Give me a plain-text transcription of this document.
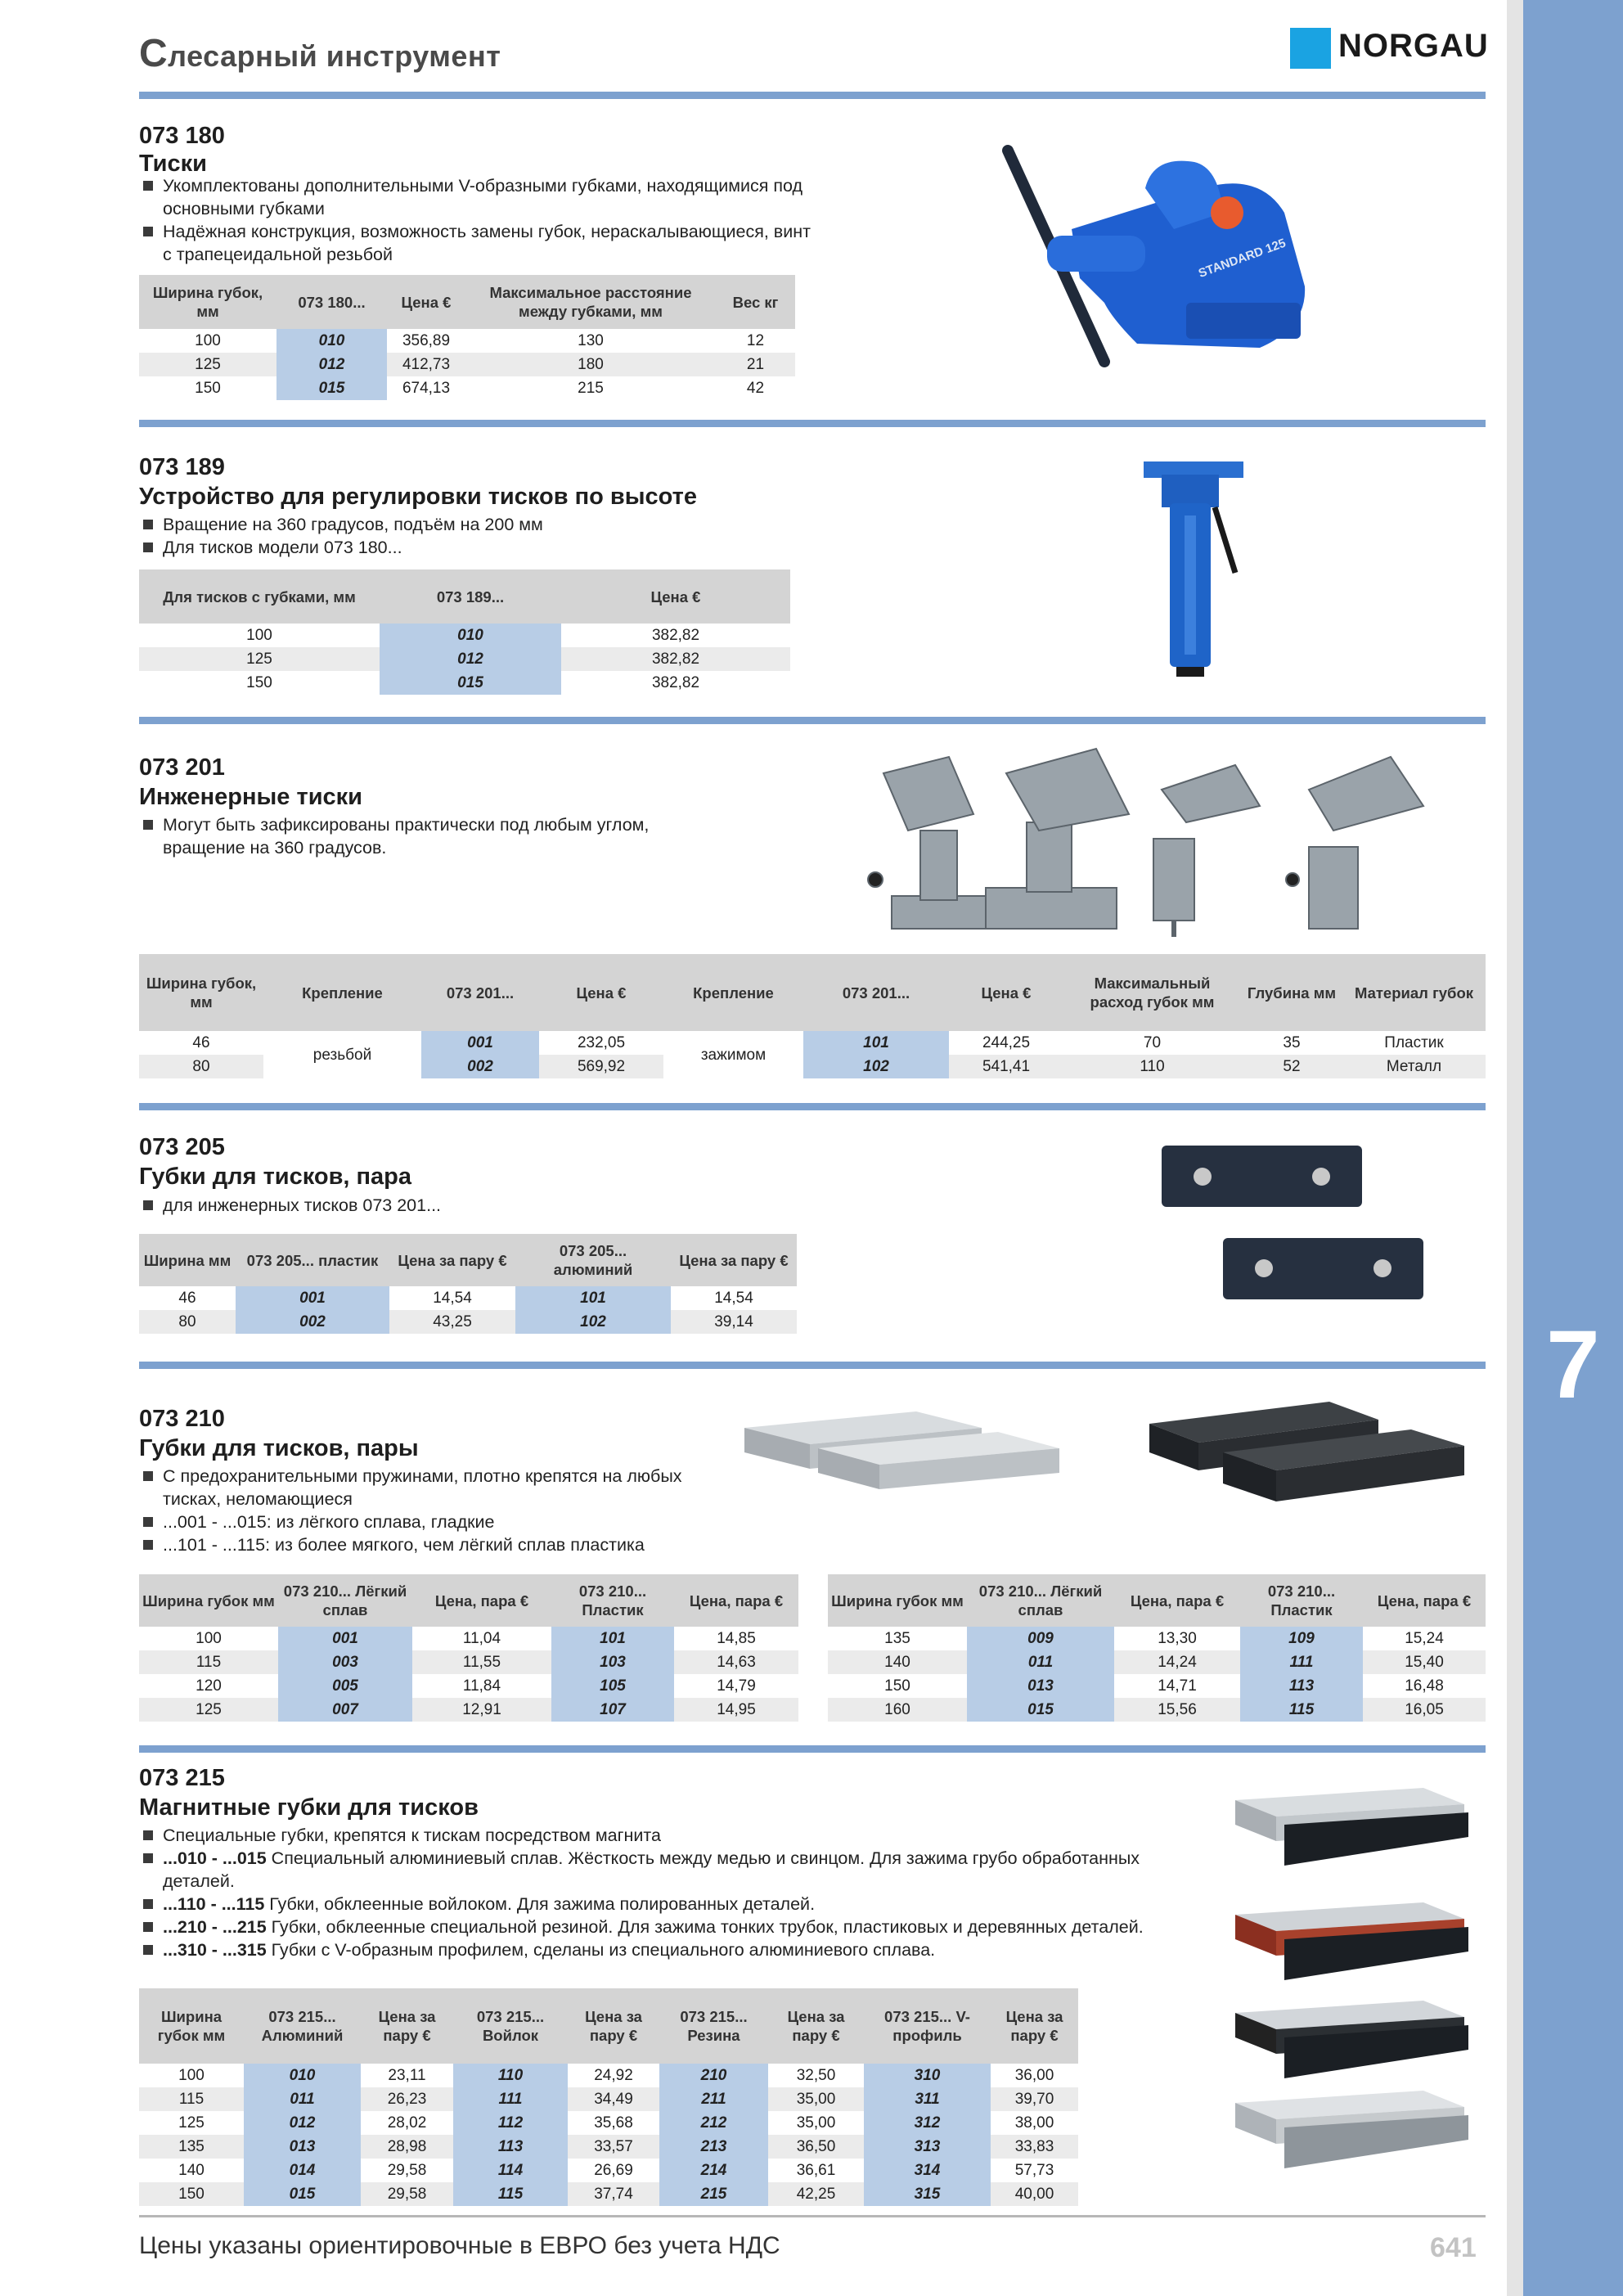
7
Слесарный инструмент	NORGAU
073 180
Тиски
Укомплектованы дополнительными V-образными губками, находящимися под основными губками
Надёжная конструкция, возможность замены губок, нераскалывающиеся, винт с трапецеидальной резьбой
Ширина губок, мм	073 180...	Цена €	Максимальное расстояние между губками, мм	Вес кг
100	010	356,89	130	12
125	012	412,73	180	21
150	015	674,13	215	42
STANDARD 125
073 189
Устройство для регулировки тисков по высоте
Вращение на 360 градусов, подъём на 200 мм
Для тисков модели 073 180...
Для тисков с губками, мм	073 189...	Цена €
100	010	382,82
125	012	382,82
150	015	382,82
073 201
Инженерные тиски
Могут быть зафиксированы практически под любым углом, вращение на 360 градусов.
Ширина губок, мм	Крепление	073 201...	Цена €	Крепление	073 201...	Цена €	Максимальный расход губок мм	Глубина мм	Материал губок
46	резьбой	001	232,05	зажимом	101	244,25	70	35	Пластик
80		002	569,92		102	541,41	110	52	Металл
073 205
Губки для тисков, пара
для инженерных тисков 073 201...
Ширина мм	073 205... пластик	Цена за пару €	073 205... алюминий	Цена за пару €
46	001	14,54	101	14,54
80	002	43,25	102	39,14
073 210
Губки для тисков, пары
С предохранительными пружинами, плотно крепятся на любых тисках, неломающиеся
...001 - ...015: из лёгкого сплава, гладкие
...101 - ...115: из более мягкого, чем лёгкий сплав пластика
Ширина губок мм	073 210... Лёгкий сплав	Цена, пара €	073 210... Пластик	Цена, пара €
100	001	11,04	101	14,85
115	003	11,55	103	14,63
120	005	11,84	105	14,79
125	007	12,91	107	14,95
Ширина губок мм	073 210... Лёгкий сплав	Цена, пара €	073 210... Пластик	Цена, пара €
135	009	13,30	109	15,24
140	011	14,24	111	15,40
150	013	14,71	113	16,48
160	015	15,56	115	16,05
073 215
Магнитные губки для тисков
Специальные губки, крепятся к тискам посредством магнита
...010 - ...015 Специальный алюминиевый сплав. Жёсткость между медью и свинцом. Для зажима грубо обработанных деталей.
...110 - ...115 Губки, обклеенные войлоком. Для зажима полированных деталей.
...210 - ...215 Губки, обклеенные специальной резиной. Для зажима тонких трубок, пластиковых и деревянных деталей.
...310 - ...315 Губки с V-образным профилем, сделаны из специального алюминиевого сплава.
Ширина губок мм	073 215... Алюминий	Цена за пару €	073 215... Войлок	Цена за пару €	073 215... Резина	Цена за пару €	073 215... V-профиль	Цена за пару €
100	010	23,11	110	24,92	210	32,50	310	36,00
115	011	26,23	111	34,49	211	35,00	311	39,70
125	012	28,02	112	35,68	212	35,00	312	38,00
135	013	28,98	113	33,57	213	36,50	313	33,83
140	014	29,58	114	26,69	214	36,61	314	57,73
150	015	29,58	115	37,74	215	42,25	315	40,00
Цены указаны ориентировочные в ЕВРО без учета НДС	641
